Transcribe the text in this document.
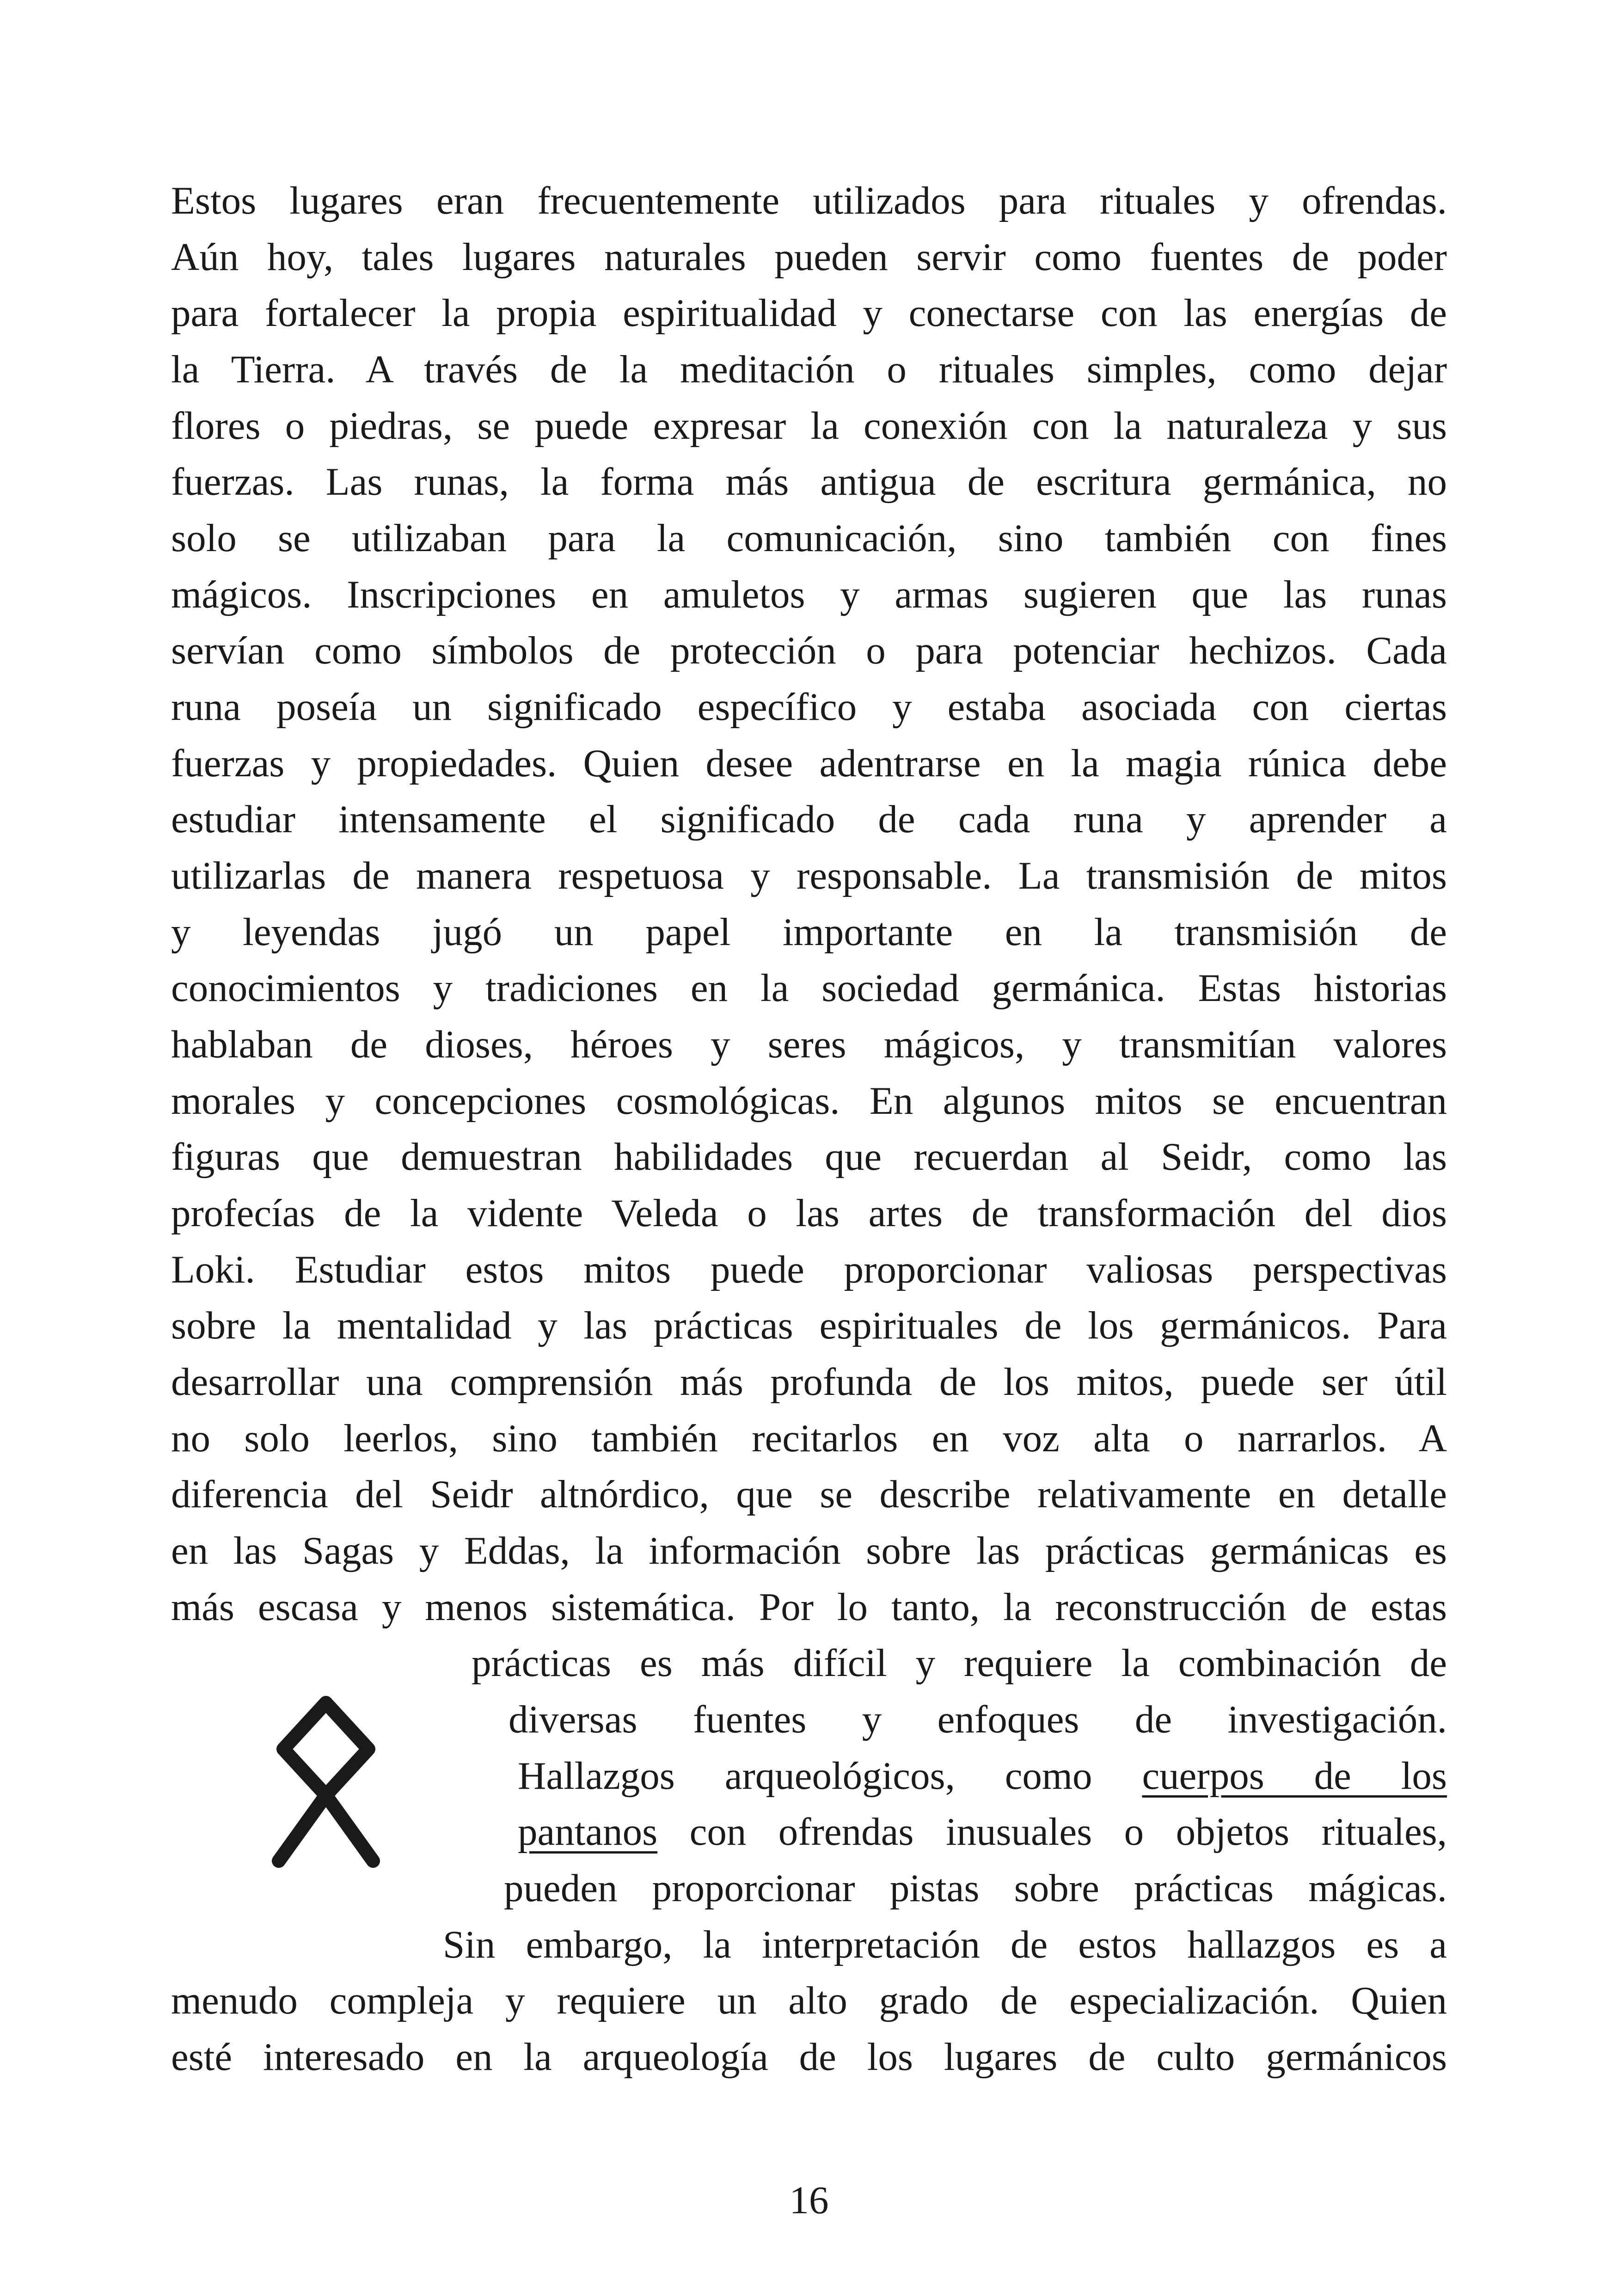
Estos lugares eran frecuentemente utilizados para rituales y ofrendas.
Aún hoy, tales lugares naturales pueden servir como fuentes de poder
para fortalecer la propia espiritualidad y conectarse con las energías de
la Tierra. A través de la meditación o rituales simples, como dejar
flores o piedras, se puede expresar la conexión con la naturaleza y sus
fuerzas. Las runas, la forma más antigua de escritura germánica, no
solo se utilizaban para la comunicación, sino también con fines
mágicos. Inscripciones en amuletos y armas sugieren que las runas
servían como símbolos de protección o para potenciar hechizos. Cada
runa poseía un significado específico y estaba asociada con ciertas
fuerzas y propiedades. Quien desee adentrarse en la magia rúnica debe
estudiar intensamente el significado de cada runa y aprender a
utilizarlas de manera respetuosa y responsable. La transmisión de mitos
y leyendas jugó un papel importante en la transmisión de
conocimientos y tradiciones en la sociedad germánica. Estas historias
hablaban de dioses, héroes y seres mágicos, y transmitían valores
morales y concepciones cosmológicas. En algunos mitos se encuentran
figuras que demuestran habilidades que recuerdan al Seidr, como las
profecías de la vidente Veleda o las artes de transformación del dios
Loki. Estudiar estos mitos puede proporcionar valiosas perspectivas
sobre la mentalidad y las prácticas espirituales de los germánicos. Para
desarrollar una comprensión más profunda de los mitos, puede ser útil
no solo leerlos, sino también recitarlos en voz alta o narrarlos. A
diferencia del Seidr altnórdico, que se describe relativamente en detalle
en las Sagas y Eddas, la información sobre las prácticas germánicas es
más escasa y menos sistemática. Por lo tanto, la reconstrucción de estas
prácticas es más difícil y requiere la combinación de
diversas fuentes y enfoques de investigación.
Hallazgos arqueológicos, como cuerpos de los
pantanos con ofrendas inusuales o objetos rituales,
pueden proporcionar pistas sobre prácticas mágicas.
Sin embargo, la interpretación de estos hallazgos es a
menudo compleja y requiere un alto grado de especialización. Quien
esté interesado en la arqueología de los lugares de culto germánicos
16
